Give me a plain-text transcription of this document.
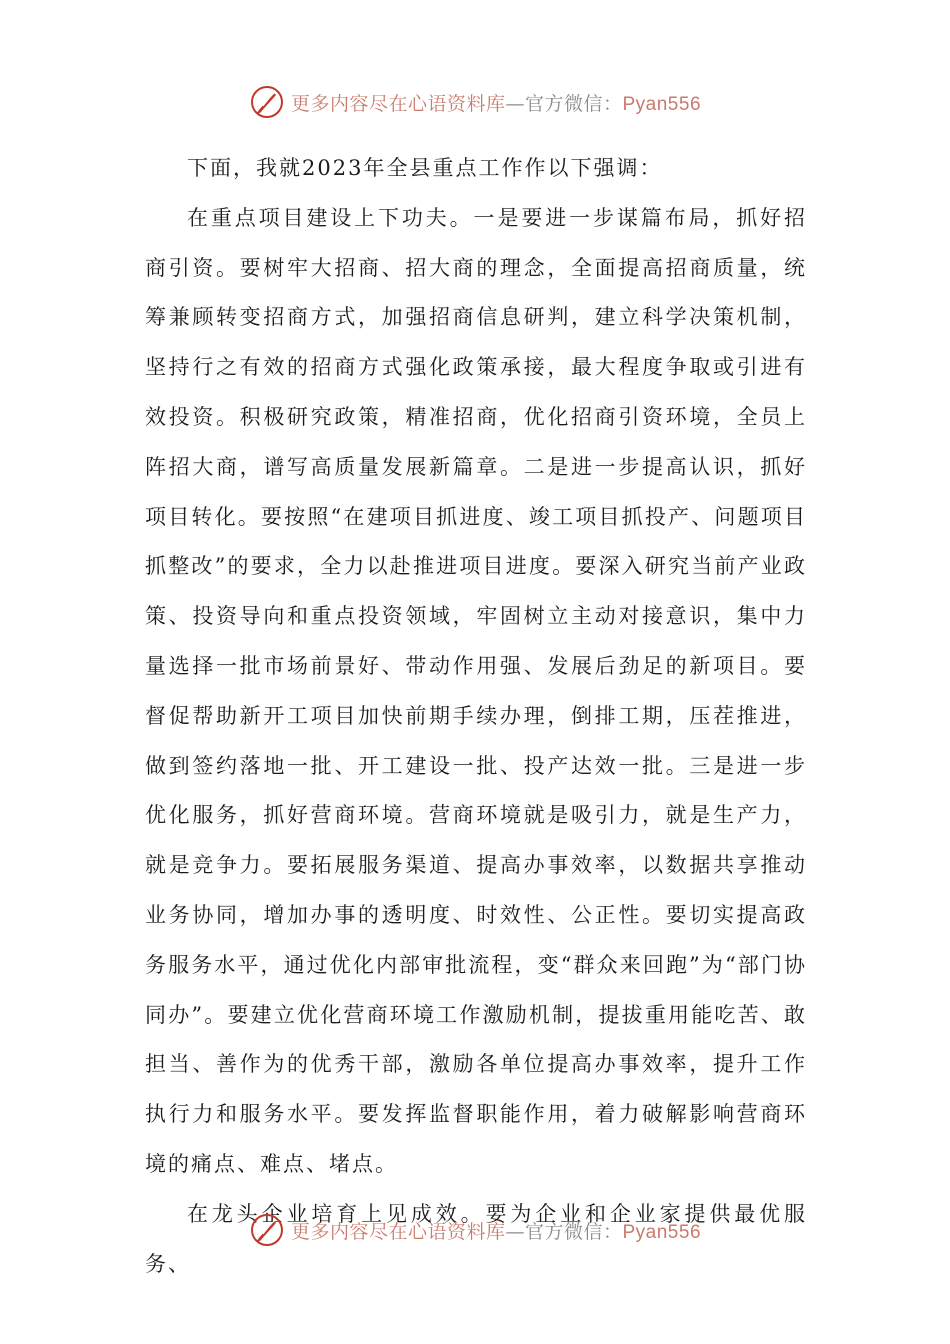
更多内容尽在心语资料库—官方微信：Pyan556

下面，我就2023年全县重点工作作以下强调：

在重点项目建设上下功夫。一是要进一步谋篇布局，抓好招商引资。要树牢大招商、招大商的理念，全面提高招商质量，统筹兼顾转变招商方式，加强招商信息研判，建立科学决策机制，坚持行之有效的招商方式强化政策承接，最大程度争取或引进有效投资。积极研究政策，精准招商，优化招商引资环境，全员上阵招大商，谱写高质量发展新篇章。二是进一步提高认识，抓好项目转化。要按照“在建项目抓进度、竣工项目抓投产、问题项目抓整改”的要求，全力以赴推进项目进度。要深入研究当前产业政策、投资导向和重点投资领域，牢固树立主动对接意识，集中力量选择一批市场前景好、带动作用强、发展后劲足的新项目。要督促帮助新开工项目加快前期手续办理，倒排工期，压茬推进，做到签约落地一批、开工建设一批、投产达效一批。三是进一步优化服务，抓好营商环境。营商环境就是吸引力，就是生产力，就是竞争力。要拓展服务渠道、提高办事效率，以数据共享推动业务协同，增加办事的透明度、时效性、公正性。要切实提高政务服务水平，通过优化内部审批流程，变“群众来回跑”为“部门协同办”。要建立优化营商环境工作激励机制，提拔重用能吃苦、敢担当、善作为的优秀干部，激励各单位提高办事效率，提升工作执行力和服务水平。要发挥监督职能作用，着力破解影响营商环境的痛点、难点、堵点。

在龙头企业培育上见成效。要为企业和企业家提供最优服务、

更多内容尽在心语资料库—官方微信：Pyan556
